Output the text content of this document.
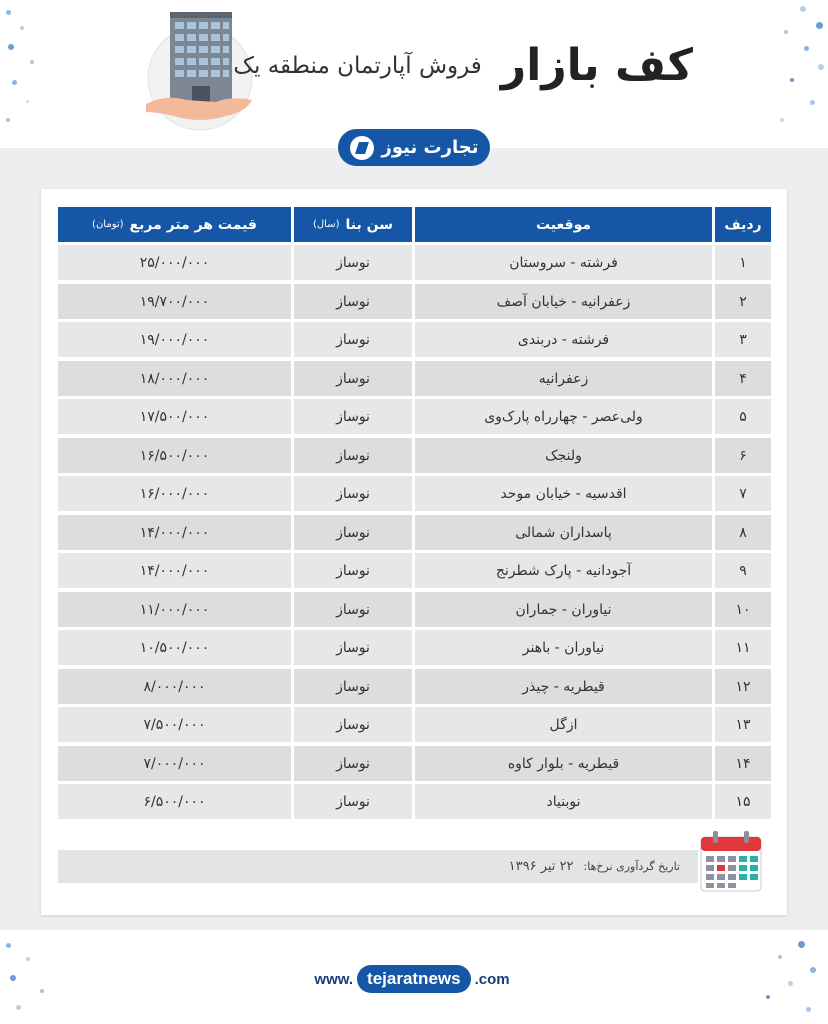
کف بازار فروش آپارتمان منطقه یک
تجارت نیوز
ردیف
موقعیت
سن بنا
(سال)
قیمت هر متر مربع
(تومان)
۱
فرشته - سروستان
نوساز
۲۵/۰۰۰/۰۰۰
۲
زعفرانیه - خیابان آصف
نوساز
۱۹/۷۰۰/۰۰۰
۳
فرشته - دربندی
نوساز
۱۹/۰۰۰/۰۰۰
۴
زعفرانیه
نوساز
۱۸/۰۰۰/۰۰۰
۵
ولی‌عصر - چهارراه پارک‌وی
نوساز
۱۷/۵۰۰/۰۰۰
۶
ولنجک
نوساز
۱۶/۵۰۰/۰۰۰
۷
اقدسیه - خیابان موحد
نوساز
۱۶/۰۰۰/۰۰۰
۸
پاسداران شمالی
نوساز
۱۴/۰۰۰/۰۰۰
۹
آجودانیه - پارک شطرنج
نوساز
۱۴/۰۰۰/۰۰۰
۱۰
نیاوران - جماران
نوساز
۱۱/۰۰۰/۰۰۰
۱۱
نیاوران - باهنر
نوساز
۱۰/۵۰۰/۰۰۰
۱۲
قیطریه - چیذر
نوساز
۸/۰۰۰/۰۰۰
۱۳
ازگل
نوساز
۷/۵۰۰/۰۰۰
۱۴
قیطریه - بلوار کاوه
نوساز
۷/۰۰۰/۰۰۰
۱۵
نوبنیاد
نوساز
۶/۵۰۰/۰۰۰
تاریخ گردآوری نرخ‌ها:
۲۲ تیر ۱۳۹۶
www. tejaratnews .com
